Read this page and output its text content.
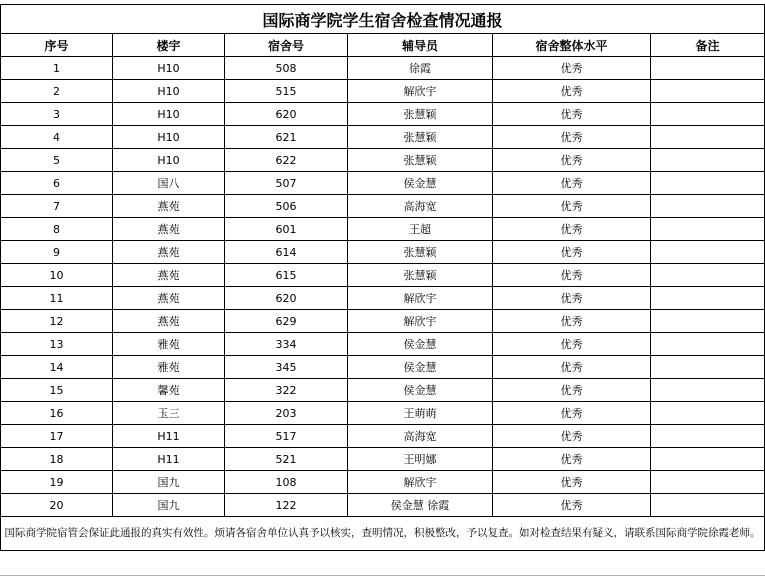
国际商学院学生宿舍检查情况通报					
序号	楼宇	宿舍号	辅导员	宿舍整体水平	备注
1	H10	508	徐霞	优秀	
2	H10	515	解欣宇	优秀	
3	H10	620	张慧颖	优秀	
4	H10	621	张慧颖	优秀	
5	H10	622	张慧颖	优秀	
6	国八	507	侯金慧	优秀	
7	燕苑	506	高海宽	优秀	
8	燕苑	601	王超	优秀	
9	燕苑	614	张慧颖	优秀	
10	燕苑	615	张慧颖	优秀	
11	燕苑	620	解欣宇	优秀	
12	燕苑	629	解欣宇	优秀	
13	雅苑	334	侯金慧	优秀	
14	雅苑	345	侯金慧	优秀	
15	馨苑	322	侯金慧	优秀	
16	玉三	203	王萌萌	优秀	
17	H11	517	高海宽	优秀	
18	H11	521	王明娜	优秀	
19	国九	108	解欣宇	优秀	
20	国九	122	侯金慧 徐霞	优秀	
国际商学院宿管会保证此通报的真实有效性。烦请各宿舍单位认真予以核实，查明情况，积极整改，予以复查。如对检查结果有疑义，请联系国际商学院徐霞老师。					
